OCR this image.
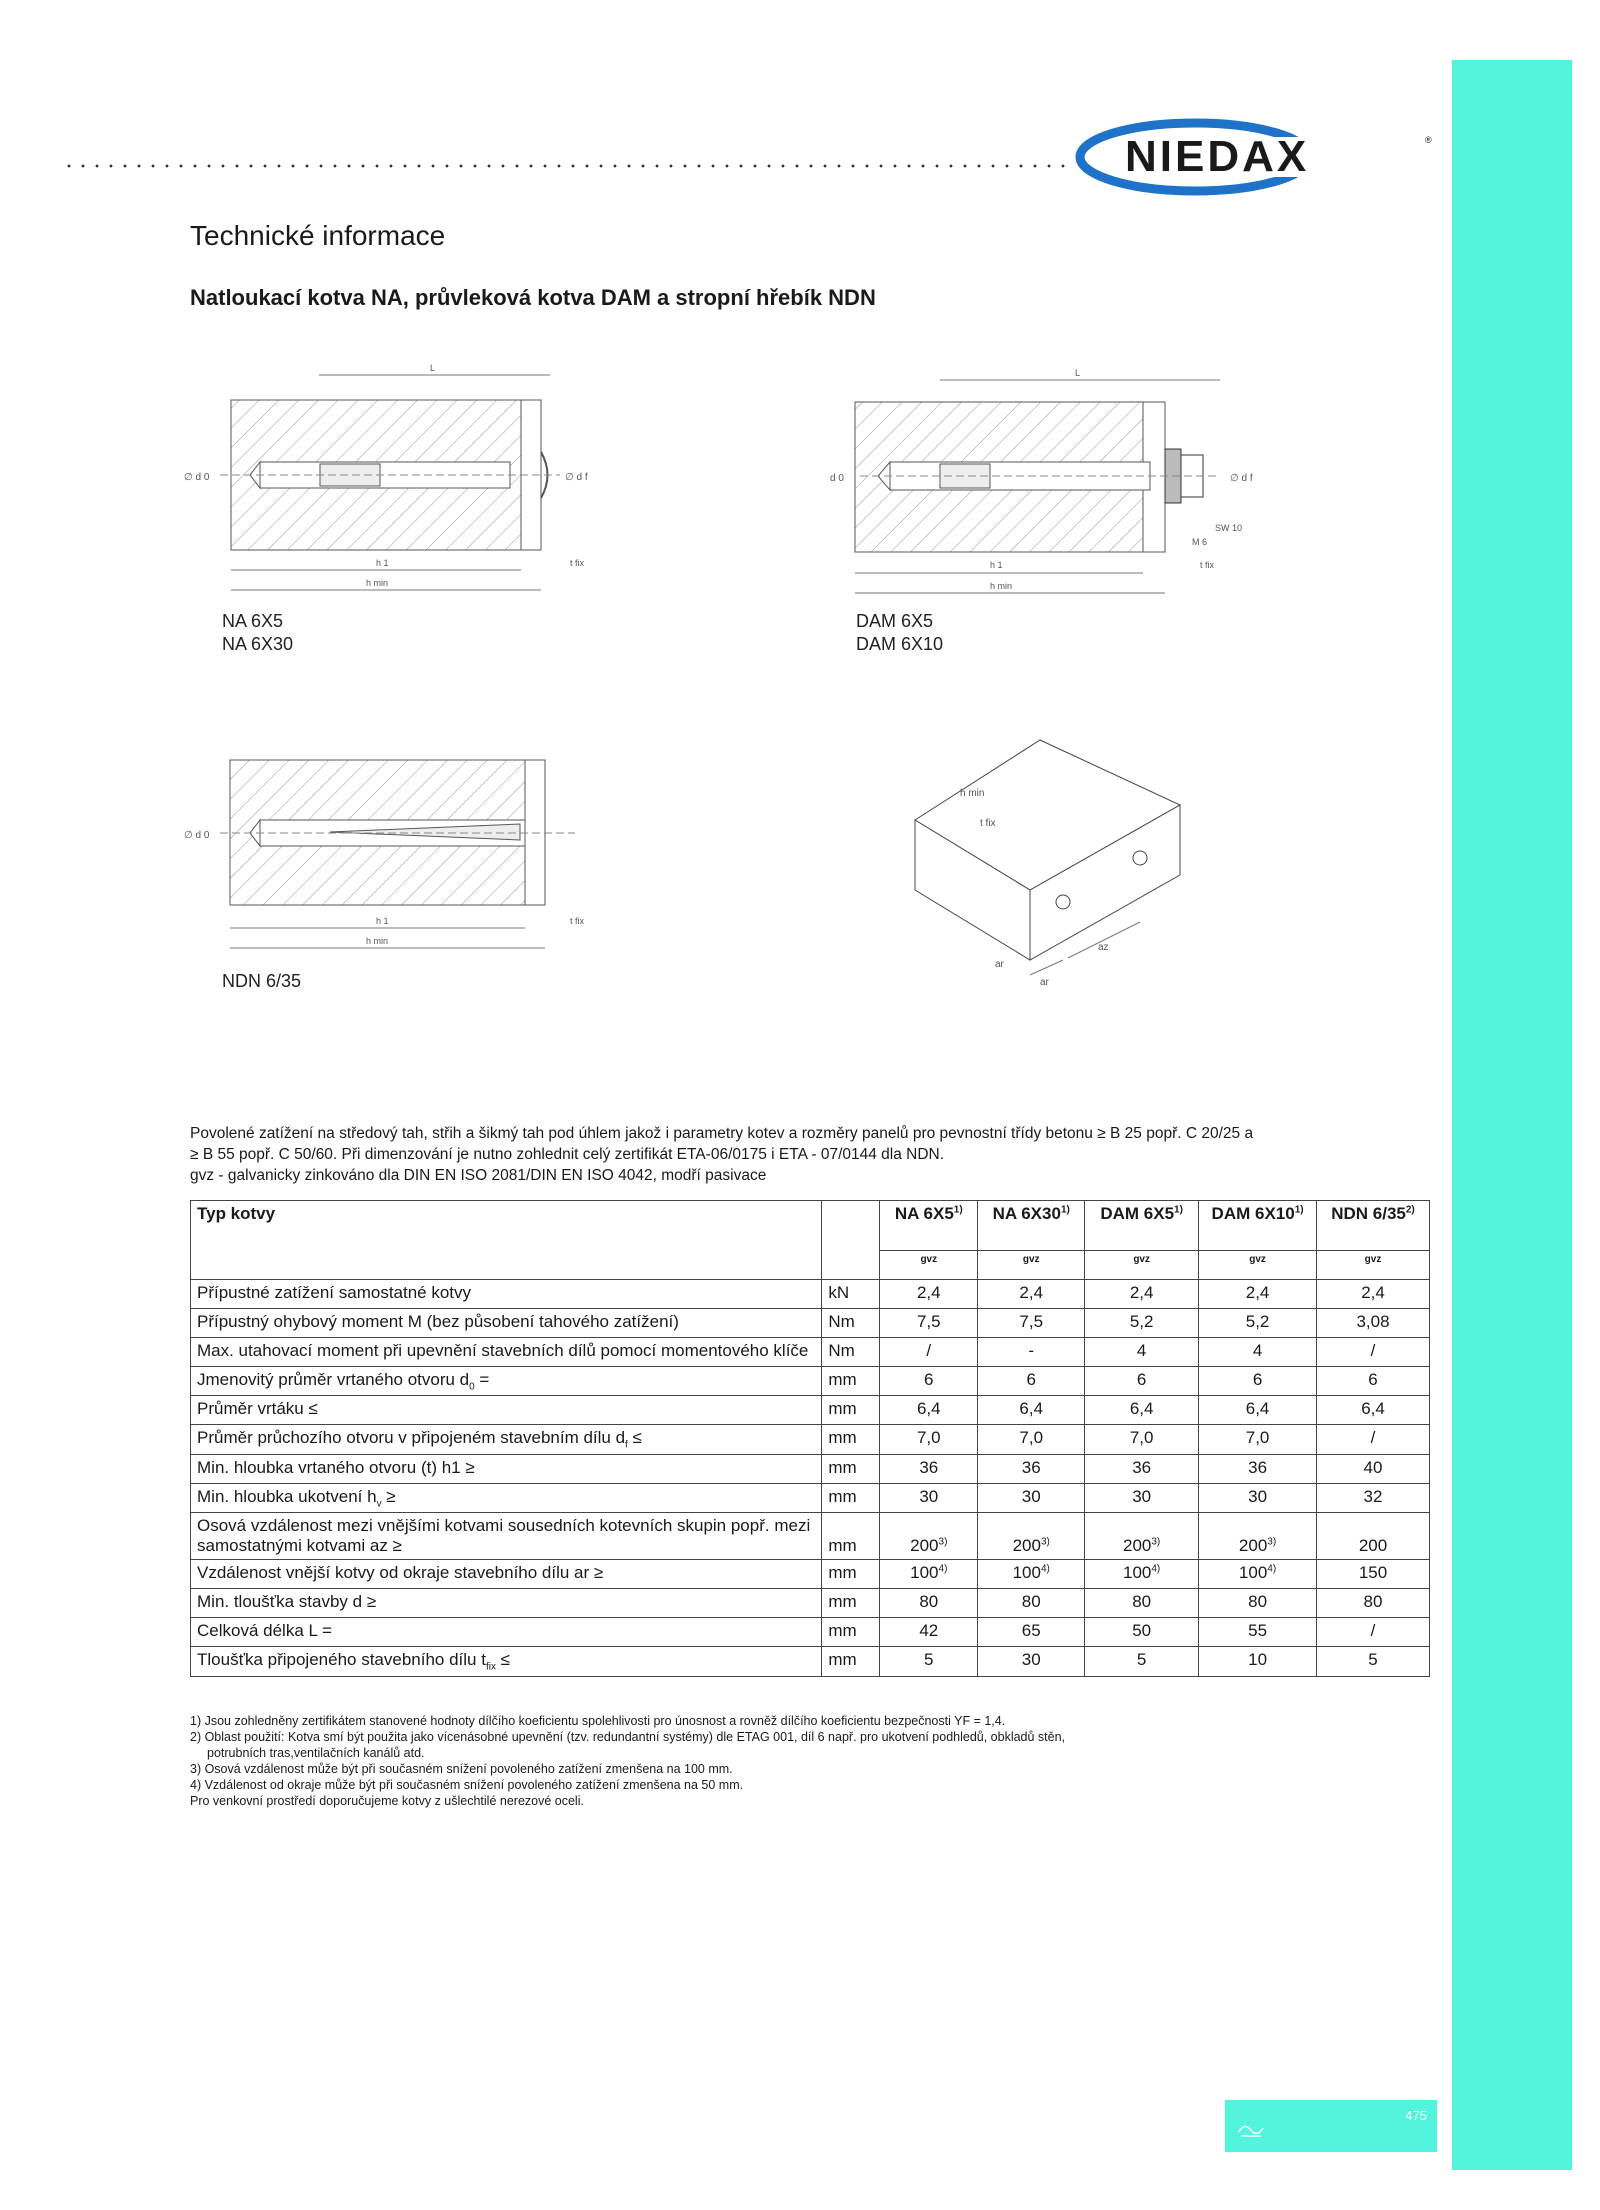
475
NIEDAX	®
Technické informace
Natloukací kotva NA, průvleková kotva DAM a stropní hřebík NDN
L
∅ d 0	∅ d f
h 1	t fix
h min
NA 6X5
NA 6X30
L
d 0	∅ d f
M 6
SW 10
h 1	t fix
h min
DAM 6X5
DAM 6X10
∅ d 0
h 1	t fix
h min
NDN 6/35
h min
t fix
ar
ar
az
Povolené zatížení na středový tah, střih a šikmý tah pod úhlem jakož i parametry kotev a rozměry panelů pro pevnostní třídy betonu ≥ B 25 popř. C 20/25 a
≥ B 55 popř. C 50/60. Při dimenzování je nutno zohlednit celý zertifikát ETA-06/0175 i ETA - 07/0144 dla NDN.
gvz - galvanicky zinkováno dla DIN EN ISO 2081/DIN EN ISO 4042, modří pasivace
Typ kotvy		NA 6X5$^{1)}$	NA 6X30$^{1)}$	DAM 6X5$^{1)}$	DAM 6X10$^{1)}$	NDN 6/35$^{2)}$
		gvz	gvz	gvz	gvz	gvz
Přípustné zatížení samostatné kotvy	kN	2,4	2,4	2,4	2,4	2,4
Přípustný ohybový moment M (bez působení tahového zatížení)	Nm	7,5	7,5	5,2	5,2	3,08
Max. utahovací moment při upevnění stavebních dílů pomocí momentového klíče	Nm	/	-	4	4	/
Jmenovitý průměr vrtaného otvoru $d_0$ =	mm	6	6	6	6	6
Průměr vrtáku ≤	mm	6,4	6,4	6,4	6,4	6,4
Průměr průchozího otvoru v připojeném stavebním dílu $d_f$ ≤	mm	7,0	7,0	7,0	7,0	/
Min. hloubka vrtaného otvoru (t) h1 ≥	mm	36	36	36	36	40
Min. hloubka ukotvení $h_v$ ≥	mm	30	30	30	30	32
Osová vzdálenost mezi vnějšími kotvami sousedních kotevních skupin popř. mezi samostatnými kotvami az ≥	mm	200$^{3)}$	200$^{3)}$	200$^{3)}$	200$^{3)}$	200
Vzdálenost vnější kotvy od okraje stavebního dílu ar ≥	mm	100$^{4)}$	100$^{4)}$	100$^{4)}$	100$^{4)}$	150
Min. tloušťka stavby d ≥	mm	80	80	80	80	80
Celková délka L =	mm	42	65	50	55	/
Tloušťka připojeného stavebního dílu $t_{fix}$ ≤	mm	5	30	5	10	5
1) Jsou zohledněny zertifikátem stanovené hodnoty dílčího koeficientu spolehlivosti pro únosnost a rovněž dílčího koeficientu bezpečnosti YF = 1,4.
2) Oblast použití: Kotva smí být použita jako vícenásobné upevnění (tzv. redundantní systémy) dle ETAG 001, díl 6 např. pro ukotvení podhledů, obkladů stěn,
potrubních tras,ventilačních kanálů atd.
3) Osová vzdálenost může být při současném snížení povoleného zatížení zmenšena na 100 mm.
4) Vzdálenost od okraje může být při současném snížení povoleného zatížení zmenšena na 50 mm.
Pro venkovní prostředí doporučujeme kotvy z ušlechtilé nerezové oceli.
